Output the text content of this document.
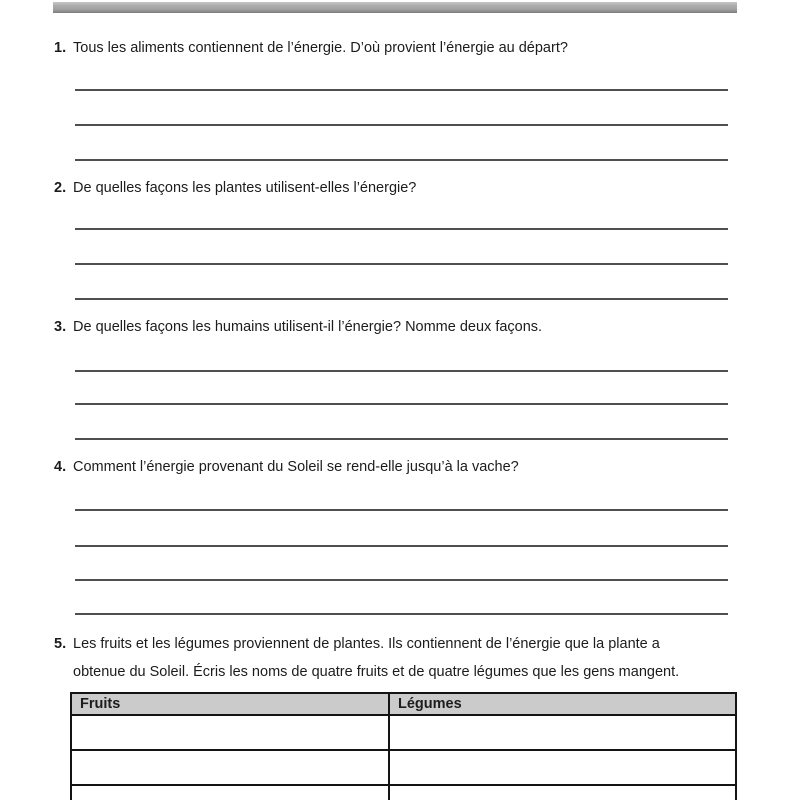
1. Tous les aliments contiennent de l’énergie. D’où provient l’énergie au départ?
2. De quelles façons les plantes utilisent-elles l’énergie?
3. De quelles façons les humains utilisent-il l’énergie? Nomme deux façons.
4. Comment l’énergie provenant du Soleil se rend-elle jusqu’à la vache?
5. Les fruits et les légumes proviennent de plantes. Ils contiennent de l’énergie que la plante a
obtenue du Soleil. Écris les noms de quatre fruits et de quatre légumes que les gens mangent.
Fruits	Légumes
